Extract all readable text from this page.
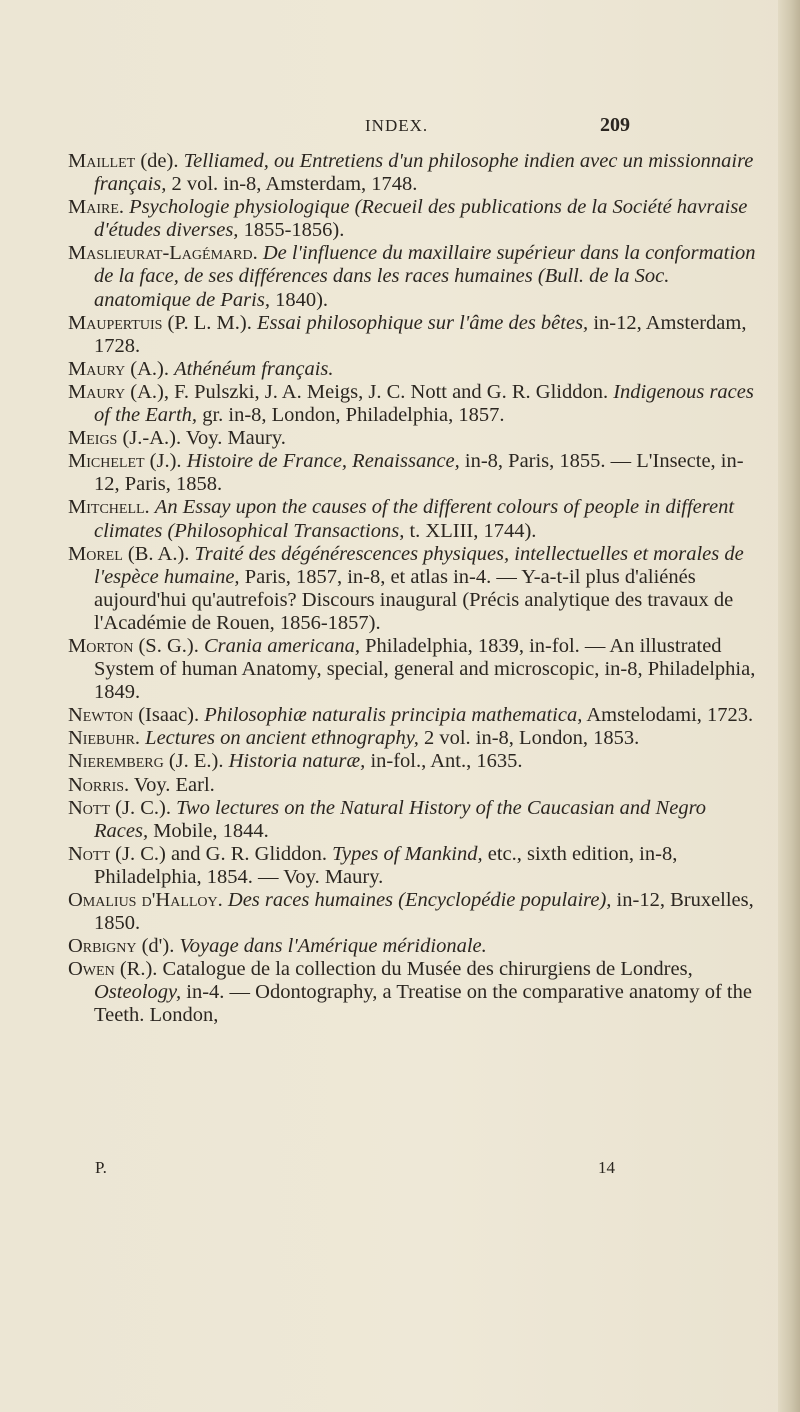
INDEX.	209

Maillet (de). Telliamed, ou Entretiens d'un philosophe indien avec un missionnaire français, 2 vol. in-8, Amsterdam, 1748.

Maire. Psychologie physiologique (Recueil des publications de la Société havraise d'études diverses, 1855-1856).

Maslieurat-Lagémard. De l'influence du maxillaire supérieur dans la conformation de la face, de ses différences dans les races humaines (Bull. de la Soc. anatomique de Paris, 1840).

Maupertuis (P. L. M.). Essai philosophique sur l'âme des bêtes, in-12, Amsterdam, 1728.

Maury (A.). Athénéum français.

Maury (A.), F. Pulszki, J. A. Meigs, J. C. Nott and G. R. Gliddon. Indigenous races of the Earth, gr. in-8, London, Philadelphia, 1857.

Meigs (J.-A.). Voy. Maury.

Michelet (J.). Histoire de France, Renaissance, in-8, Paris, 1855. — L'Insecte, in-12, Paris, 1858.

Mitchell. An Essay upon the causes of the different colours of people in different climates (Philosophical Transactions, t. XLIII, 1744).

Morel (B. A.). Traité des dégénérescences physiques, intellectuelles et morales de l'espèce humaine, Paris, 1857, in-8, et atlas in-4. — Y-a-t-il plus d'aliénés aujourd'hui qu'autrefois? Discours inaugural (Précis analytique des travaux de l'Académie de Rouen, 1856-1857).

Morton (S. G.). Crania americana, Philadelphia, 1839, in-fol. — An illustrated System of human Anatomy, special, general and microscopic, in-8, Philadelphia, 1849.

Newton (Isaac). Philosophiæ naturalis principia mathematica, Amstelodami, 1723.

Niebuhr. Lectures on ancient ethnography, 2 vol. in-8, London, 1853.

Nieremberg (J. E.). Historia naturæ, in-fol., Ant., 1635.

Norris. Voy. Earl.

Nott (J. C.). Two lectures on the Natural History of the Caucasian and Negro Races, Mobile, 1844.

Nott (J. C.) and G. R. Gliddon. Types of Mankind, etc., sixth edition, in-8, Philadelphia, 1854. — Voy. Maury.

Omalius d'Halloy. Des races humaines (Encyclopédie populaire), in-12, Bruxelles, 1850.

Orbigny (d'). Voyage dans l'Amérique méridionale.

Owen (R.). Catalogue de la collection du Musée des chirurgiens de Londres, Osteology, in-4. — Odontography, a Treatise on the comparative anatomy of the Teeth. London,

P.	14
